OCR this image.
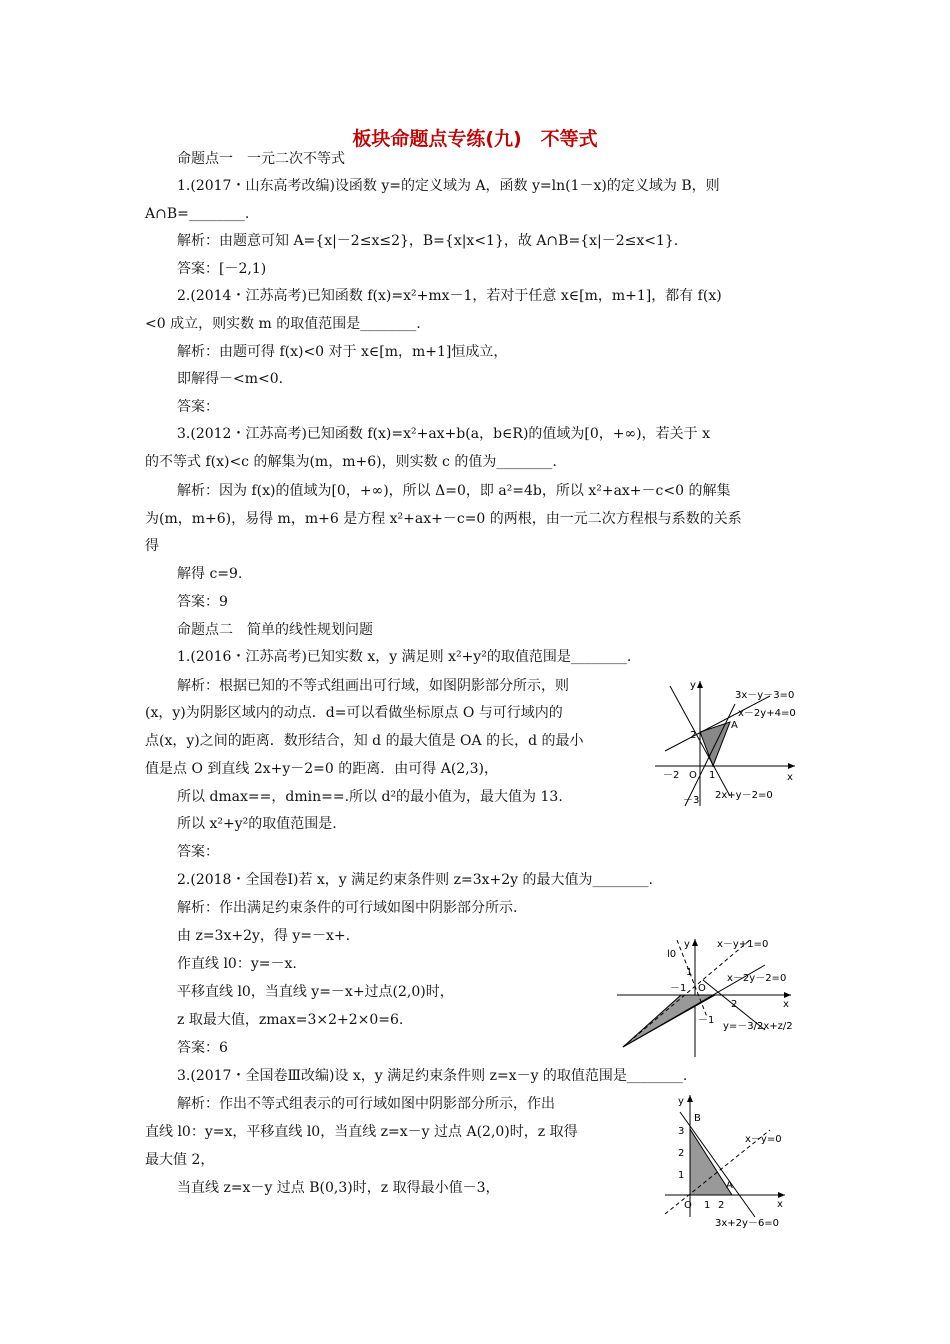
板块命题点专练(九)　不等式
命题点一　一元二次不等式
1.(2017・山东高考改编)设函数 y=的定义域为 A，函数 y=ln(1－x)的定义域为 B，则
A∩B=________.
解析：由题意可知 A={x|－2≤x≤2}，B={x|x<1}，故 A∩B={x|－2≤x<1}.
答案：[－2,1)
2.(2014・江苏高考)已知函数 f(x)=x²+mx－1，若对于任意 x∈[m，m+1]，都有 f(x)
<0 成立，则实数 m 的取值范围是________.
解析：由题可得 f(x)<0 对于 x∈[m，m+1]恒成立，
即解得－<m<0.
答案：
3.(2012・江苏高考)已知函数 f(x)=x²+ax+b(a，b∈R)的值域为[0，+∞)，若关于 x
的不等式 f(x)<c 的解集为(m，m+6)，则实数 c 的值为________.
解析：因为 f(x)的值域为[0，+∞)，所以 Δ=0，即 a²=4b，所以 x²+ax+－c<0 的解集
为(m，m+6)，易得 m，m+6 是方程 x²+ax+－c=0 的两根，由一元二次方程根与系数的关系
得
解得 c=9.
答案：9
命题点二　简单的线性规划问题
1.(2016・江苏高考)已知实数 x，y 满足则 x²+y²的取值范围是________.
解析：根据已知的不等式组画出可行域，如图阴影部分所示，则
(x，y)为阴影区域内的动点．d=可以看做坐标原点 O 与可行域内的
点(x，y)之间的距离．数形结合，知 d 的最大值是 OA 的长，d 的最小
值是点 O 到直线 2x+y－2=0 的距离．由可得 A(2,3)，
所以 dmax==，dmin==.所以 d²的最小值为，最大值为 13.
所以 x²+y²的取值范围是.
答案：
2.(2018・全国卷Ⅰ)若 x，y 满足约束条件则 z=3x+2y 的最大值为________.
解析：作出满足约束条件的可行域如图中阴影部分所示.
由 z=3x+2y，得 y=－x+.
作直线 l0：y=－x.
平移直线 l0，当直线 y=－x+过点(2,0)时，
z 取最大值，zmax=3×2+2×0=6.
答案：6
3.(2017・全国卷Ⅲ改编)设 x，y 满足约束条件则 z=x－y 的取值范围是________.
解析：作出不等式组表示的可行域如图中阴影部分所示，作出
直线 l0：y=x，平移直线 l0，当直线 z=x－y 过点 A(2,0)时，z 取得
最大值 2，
当直线 z=x－y 过点 B(0,3)时，z 取得最小值－3，
y
x
O
－2	1
2
－3
A
3x－y－3=0
x－2y+4=0
2x+y－2=0
y
x
O
l0
1
－1
2
－1
x－y+1=0
x－2y－2=0
y=－3/2x+z/2
y
x
O
B
A
3
2
1
1 2
x－y=0
3x+2y－6=0
